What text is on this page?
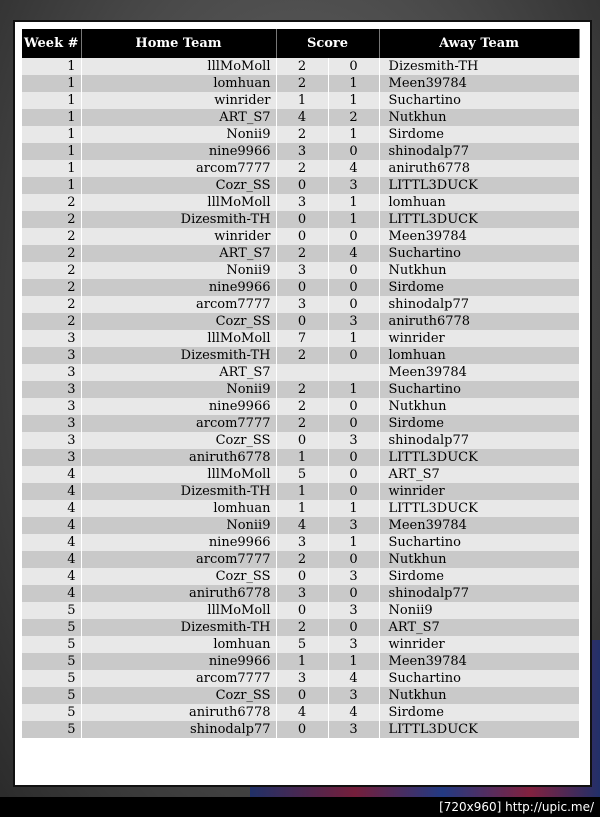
Week #	Home Team	Score		Away Team
1	lllMoMoll	2	0	Dizesmith-TH
1	lomhuan	2	1	Meen39784
1	winrider	1	1	Suchartino
1	ART_S7	4	2	Nutkhun
1	Nonii9	2	1	Sirdome
1	nine9966	3	0	shinodalp77
1	arcom7777	2	4	aniruth6778
1	Cozr_SS	0	3	LITTL3DUCK
2	lllMoMoll	3	1	lomhuan
2	Dizesmith-TH	0	1	LITTL3DUCK
2	winrider	0	0	Meen39784
2	ART_S7	2	4	Suchartino
2	Nonii9	3	0	Nutkhun
2	nine9966	0	0	Sirdome
2	arcom7777	3	0	shinodalp77
2	Cozr_SS	0	3	aniruth6778
3	lllMoMoll	7	1	winrider
3	Dizesmith-TH	2	0	lomhuan
3	ART_S7			Meen39784
3	Nonii9	2	1	Suchartino
3	nine9966	2	0	Nutkhun
3	arcom7777	2	0	Sirdome
3	Cozr_SS	0	3	shinodalp77
3	aniruth6778	1	0	LITTL3DUCK
4	lllMoMoll	5	0	ART_S7
4	Dizesmith-TH	1	0	winrider
4	lomhuan	1	1	LITTL3DUCK
4	Nonii9	4	3	Meen39784
4	nine9966	3	1	Suchartino
4	arcom7777	2	0	Nutkhun
4	Cozr_SS	0	3	Sirdome
4	aniruth6778	3	0	shinodalp77
5	lllMoMoll	0	3	Nonii9
5	Dizesmith-TH	2	0	ART_S7
5	lomhuan	5	3	winrider
5	nine9966	1	1	Meen39784
5	arcom7777	3	4	Suchartino
5	Cozr_SS	0	3	Nutkhun
5	aniruth6778	4	4	Sirdome
5	shinodalp77	0	3	LITTL3DUCK
[720x960] http://upic.me/
